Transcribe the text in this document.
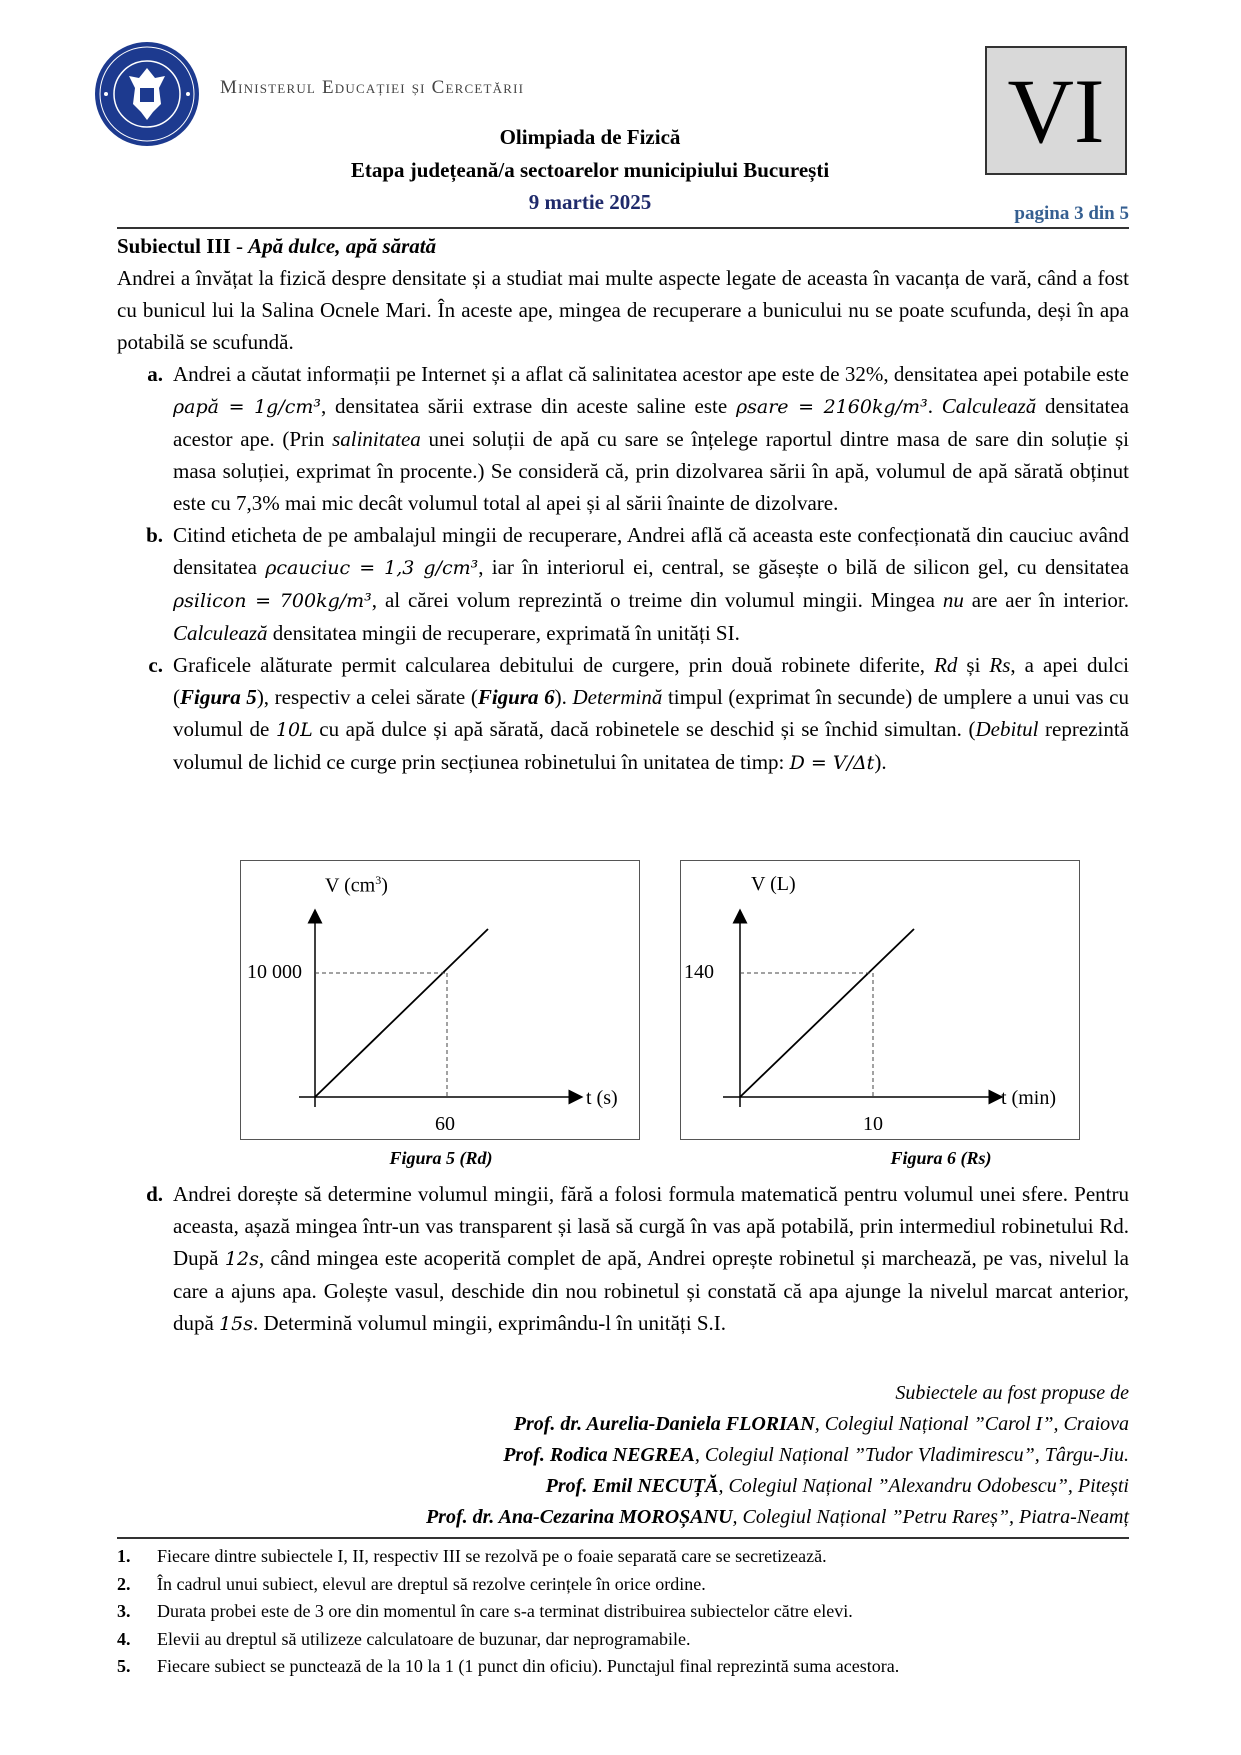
Ministerul Educației și Cercetării	VI
Olimpiada de Fizică
Etapa județeană/a sectoarelor municipiului București
9 martie 2025	pagina 3 din 5

Subiectul III - Apă dulce, apă sărată

Andrei a învățat la fizică despre densitate și a studiat mai multe aspecte legate de aceasta în vacanța de vară, când a fost cu bunicul lui la Salina Ocnele Mari. În aceste ape, mingea de recuperare a bunicului nu se poate scufunda, deși în apa potabilă se scufundă.

a. Andrei a căutat informații pe Internet și a aflat că salinitatea acestor ape este de 32%, densitatea apei potabile este ρapă = 1g/cm³, densitatea sării extrase din aceste saline este ρsare = 2160kg/m³. Calculează densitatea acestor ape. (Prin salinitatea unei soluții de apă cu sare se înțelege raportul dintre masa de sare din soluție și masa soluției, exprimat în procente.) Se consideră că, prin dizolvarea sării în apă, volumul de apă sărată obținut este cu 7,3% mai mic decât volumul total al apei și al sării înainte de dizolvare.
b. Citind eticheta de pe ambalajul mingii de recuperare, Andrei află că aceasta este confecționată din cauciuc având densitatea ρcauciuc = 1,3 g/cm³, iar în interiorul ei, central, se găsește o bilă de silicon gel, cu densitatea ρsilicon = 700kg/m³, al cărei volum reprezintă o treime din volumul mingii. Mingea nu are aer în interior. Calculează densitatea mingii de recuperare, exprimată în unități SI.
c. Graficele alăturate permit calcularea debitului de curgere, prin două robinete diferite, Rd și Rs, a apei dulci (Figura 5), respectiv a celei sărate (Figura 6). Determină timpul (exprimat în secunde) de umplere a unui vas cu volumul de 10L cu apă dulce și apă sărată, dacă robinetele se deschid și se închid simultan. (Debitul reprezintă volumul de lichid ce curge prin secțiunea robinetului în unitatea de timp: D = V/Δt).
V $(cm^3)$
10 000
t (s)
60
Figura 5 (Rd)
V (L)
140
t (min)
10
Figura 6 (Rs)
d. Andrei dorește să determine volumul mingii, fără a folosi formula matematică pentru volumul unei sfere. Pentru aceasta, așază mingea într-un vas transparent și lasă să curgă în vas apă potabilă, prin intermediul robinetului Rd. După 12s, când mingea este acoperită complet de apă, Andrei oprește robinetul și marchează, pe vas, nivelul la care a ajuns apa. Golește vasul, deschide din nou robinetul și constată că apa ajunge la nivelul marcat anterior, după 15s. Determină volumul mingii, exprimându-l în unități S.I.
Subiectele au fost propuse de
Prof. dr. Aurelia-Daniela FLORIAN, Colegiul Național ”Carol I”, Craiova
Prof. Rodica NEGREA, Colegiul Național ”Tudor Vladimirescu”, Târgu-Jiu.
Prof. Emil NECUȚĂ, Colegiul Național ”Alexandru Odobescu”, Pitești
Prof. dr. Ana-Cezarina MOROȘANU, Colegiul Național ”Petru Rareș”, Piatra-Neamț
1.	Fiecare dintre subiectele I, II, respectiv III se rezolvă pe o foaie separată care se secretizează.
2.	În cadrul unui subiect, elevul are dreptul să rezolve cerințele în orice ordine.
3.	Durata probei este de 3 ore din momentul în care s-a terminat distribuirea subiectelor către elevi.
4.	Elevii au dreptul să utilizeze calculatoare de buzunar, dar neprogramabile.
5.	Fiecare subiect se punctează de la 10 la 1 (1 punct din oficiu). Punctajul final reprezintă suma acestora.
